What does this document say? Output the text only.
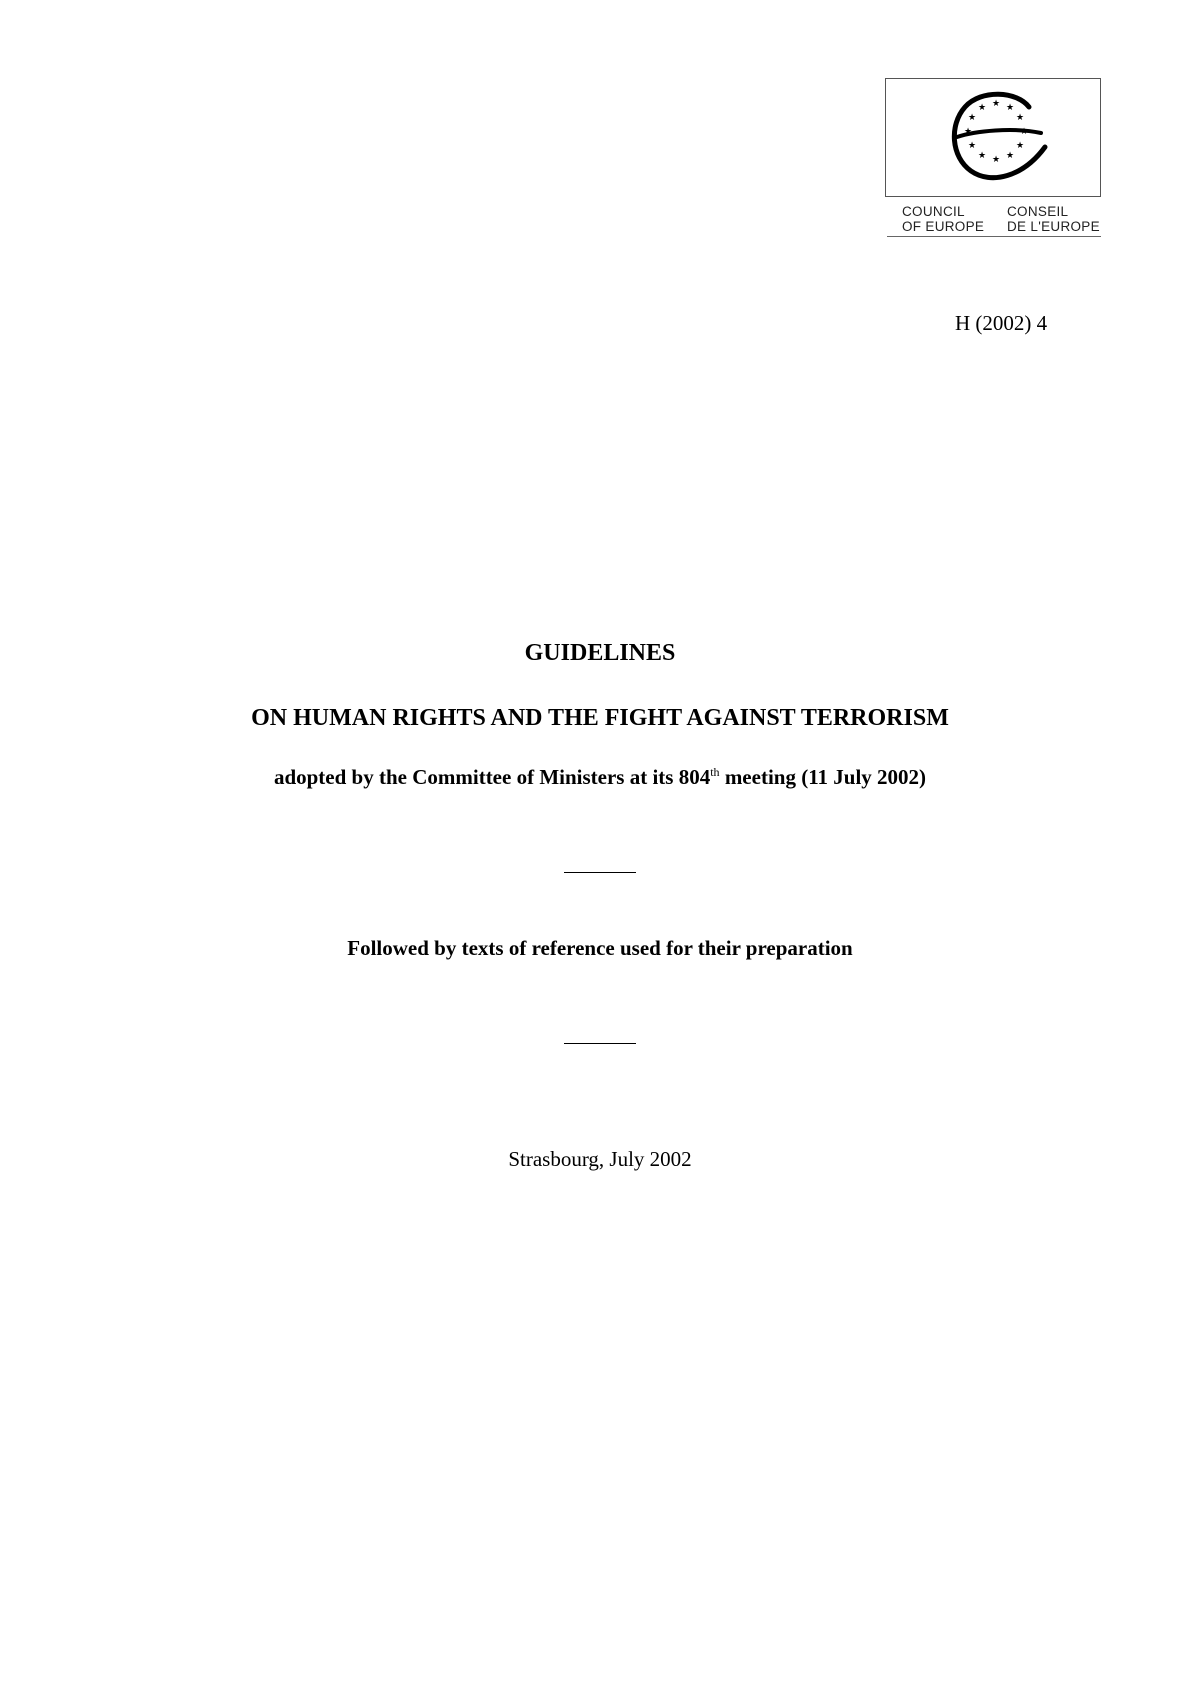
★ ★
★
★
★
★
★
★
★
★
★
★
COUNCIL
OF EUROPE
CONSEIL
DE L'EUROPE
H (2002) 4
GUIDELINES
ON HUMAN RIGHTS AND THE FIGHT AGAINST TERRORISM
adopted by the Committee of Ministers at its 804th meeting (11 July 2002)
Followed by texts of reference used for their preparation
Strasbourg, July 2002
